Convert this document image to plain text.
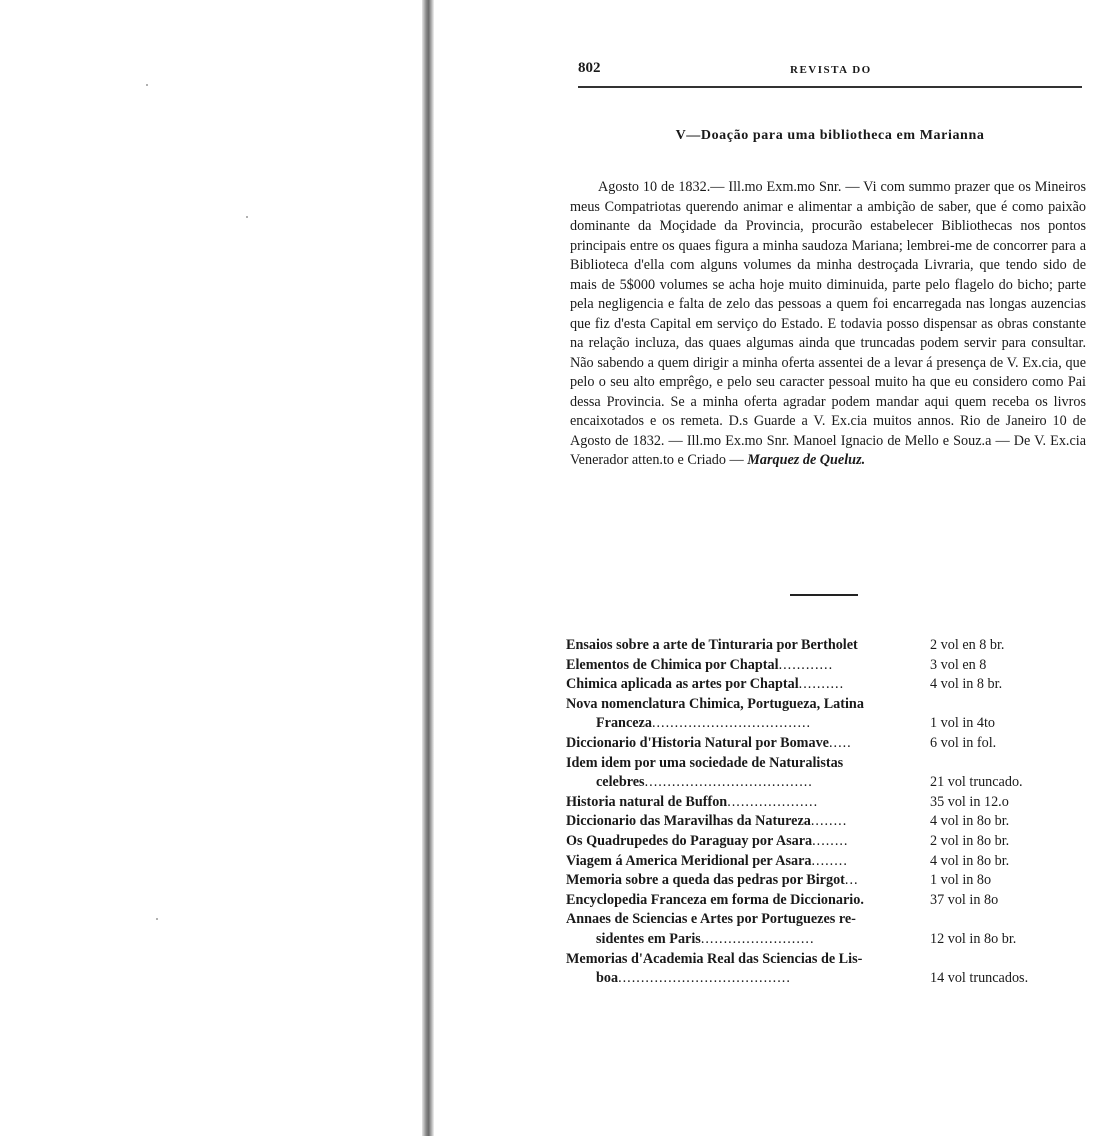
802	REVISTA DO
V—Doação para uma bibliotheca em Marianna

Agosto 10 de 1832.— Ill.mo Exm.mo Snr. — Vi com summo prazer que os Mineiros meus Compatriotas querendo animar e alimentar a ambição de saber, que é como paixão dominante da Moçidade da Provincia, procurão estabelecer Bibliothecas nos pontos principais entre os quaes figura a minha saudoza Mariana; lembrei-me de concorrer para a Biblioteca d'ella com alguns volumes da minha destroçada Livraria, que tendo sido de mais de 5$000 volumes se acha hoje muito diminuida, parte pelo flagelo do bicho; parte pela negligencia e falta de zelo das pessoas a quem foi encarregada nas longas auzencias que fiz d'esta Capital em serviço do Estado. E todavia posso dispensar as obras constante na relação incluza, das quaes algumas ainda que truncadas podem servir para consultar. Não sabendo a quem dirigir a minha oferta assentei de a levar á presença de V. Ex.cia, que pelo o seu alto emprêgo, e pelo seu caracter pessoal muito ha que eu considero como Pai dessa Provincia. Se a minha oferta agradar podem mandar aqui quem receba os livros encaixotados e os remeta. D.s Guarde a V. Ex.cia muitos annos. Rio de Janeiro 10 de Agosto de 1832. — Ill.mo Ex.mo Snr. Manoel Ignacio de Mello e Souz.a — De V. Ex.cia Venerador atten.to e Criado — Marquez de Queluz.

Ensaios sobre a arte de Tinturaria por Bertholet	2 vol en 8 br.
Elementos de Chimica por Chaptal............	3 vol en 8
Chimica aplicada as artes por Chaptal..........	4 vol in 8 br.
Nova nomenclatura Chimica, Portugueza, Latina
Franceza...................................	1 vol in 4to
Diccionario d'Historia Natural por Bomave.....	6 vol in fol.
Idem idem por uma sociedade de Naturalistas
celebres.....................................	21 vol truncado.
Historia natural de Buffon....................	35 vol in 12.o
Diccionario das Maravilhas da Natureza........	4 vol in 8o br.
Os Quadrupedes do Paraguay por Asara........	2 vol in 8o br.
Viagem á America Meridional per Asara........	4 vol in 8o br.
Memoria sobre a queda das pedras por Birgot...	1 vol in 8o
Encyclopedia Franceza em forma de Diccionario.	37 vol in 8o
Annaes de Sciencias e Artes por Portuguezes re-
sidentes em Paris.........................	12 vol in 8o br.
Memorias d'Academia Real das Sciencias de Lis-
boa......................................	14 vol truncados.
